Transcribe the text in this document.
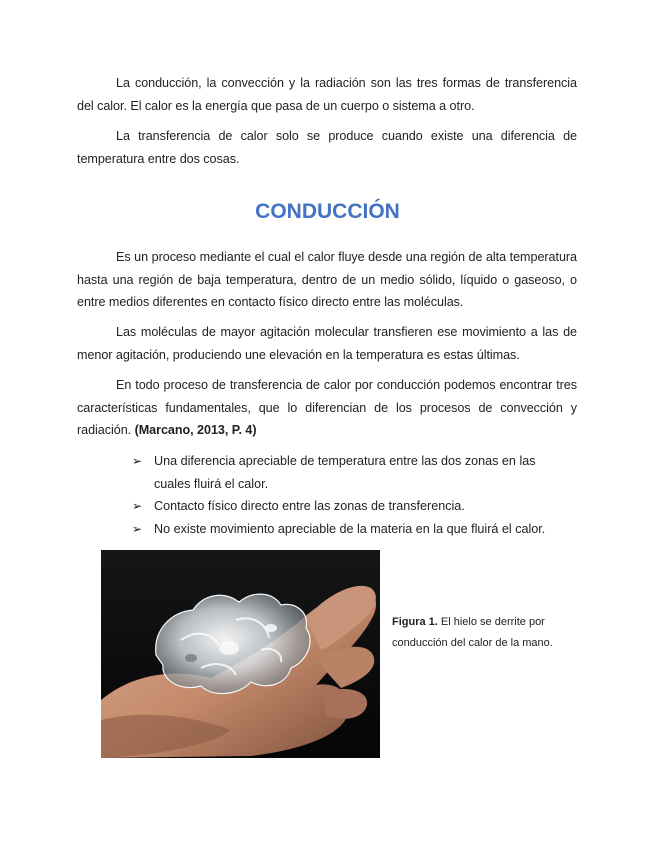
La conducción, la convección y la radiación son las tres formas de transferencia del calor. El calor es la energía que pasa de un cuerpo o sistema a otro.

La transferencia de calor solo se produce cuando existe una diferencia de temperatura entre dos cosas.

CONDUCCIÓN

Es un proceso mediante el cual el calor fluye desde una región de alta temperatura hasta una región de baja temperatura, dentro de un medio sólido, líquido o gaseoso, o entre medios diferentes en contacto físico directo entre las moléculas.

Las moléculas de mayor agitación molecular transfieren ese movimiento a las de menor agitación, produciendo une elevación en la temperatura es estas últimas.

En todo proceso de transferencia de calor por conducción podemos encontrar tres características fundamentales, que lo diferencian de los procesos de convección y radiación. (Marcano, 2013, P. 4)

➢ Una diferencia apreciable de temperatura entre las dos zonas en las cuales fluirá el calor.
➢ Contacto físico directo entre las zonas de transferencia.
➢ No existe movimiento apreciable de la materia en la que fluirá el calor.

Figura 1. El hielo se derrite por conducción del calor de la mano.
